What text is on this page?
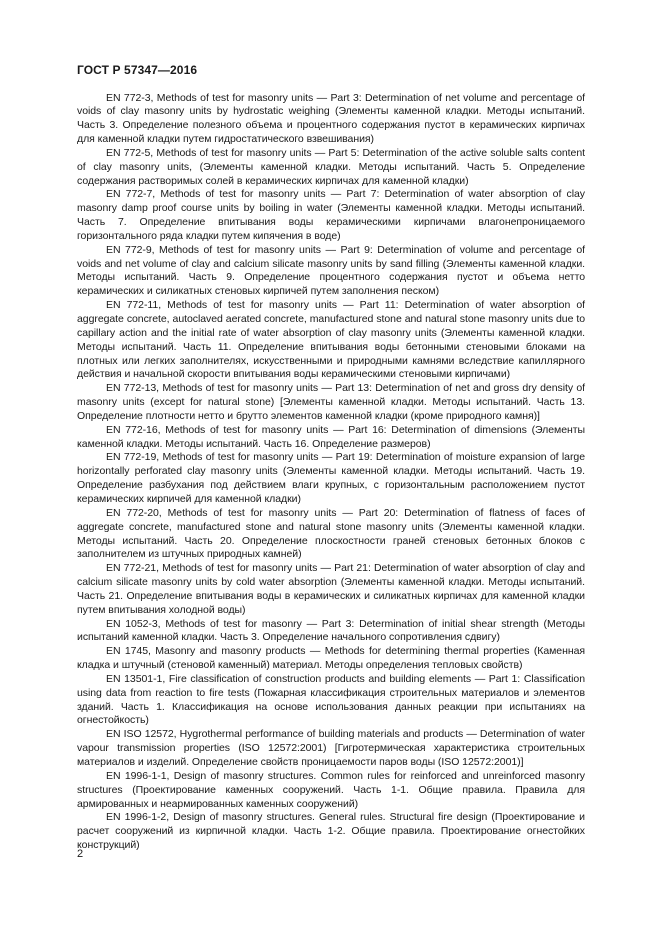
ГОСТ Р 57347—2016

EN 772-3, Methods of test for masonry units — Part 3: Determination of net volume and percentage of voids of clay masonry units by hydrostatic weighing (Элементы каменной кладки. Методы испытаний. Часть 3. Определение полезного объема и процентного содержания пустот в керамических кирпичах для каменной кладки путем гидростатического взвешивания)

EN 772-5, Methods of test for masonry units — Part 5: Determination of the active soluble salts content of clay masonry units, (Элементы каменной кладки. Методы испытаний. Часть 5. Определение содержания растворимых солей в керамических кирпичах для каменной кладки)

EN 772-7, Methods of test for masonry units — Part 7: Determination of water absorption of clay masonry damp proof course units by boiling in water (Элементы каменной кладки. Методы испытаний. Часть 7. Определение впитывания воды керамическими кирпичами влагонепроницаемого горизонтального ряда кладки путем кипячения в воде)

EN 772-9, Methods of test for masonry units — Part 9: Determination of volume and percentage of voids and net volume of clay and calcium silicate masonry units by sand filling (Элементы каменной кладки. Методы испытаний. Часть 9. Определение процентного содержания пустот и объема нетто керамических и силикатных стеновых кирпичей путем заполнения песком)

EN 772-11, Methods of test for masonry units — Part 11: Determination of water absorption of aggregate concrete, autoclaved aerated concrete, manufactured stone and natural stone masonry units due to capillary action and the initial rate of water absorption of clay masonry units (Элементы каменной кладки. Методы испытаний. Часть 11. Определение впитывания воды бетонными стеновыми блоками на плотных или легких заполнителях, искусственными и природными камнями вследствие капиллярного действия и начальной скорости впитывания воды керамическими стеновыми кирпичами)

EN 772-13, Methods of test for masonry units — Part 13: Determination of net and gross dry density of masonry units (except for natural stone) [Элементы каменной кладки. Методы испытаний. Часть 13. Определение плотности нетто и брутто элементов каменной кладки (кроме природного камня)]

EN 772-16, Methods of test for masonry units — Part 16: Determination of dimensions (Элементы каменной кладки. Методы испытаний. Часть 16. Определение размеров)

EN 772-19, Methods of test for masonry units — Part 19: Determination of moisture expansion of large horizontally perforated clay masonry units (Элементы каменной кладки. Методы испытаний. Часть 19. Определение разбухания под действием влаги крупных, с горизонтальным расположением пустот керамических кирпичей для каменной кладки)

EN 772-20, Methods of test for masonry units — Part 20: Determination of flatness of faces of aggregate concrete, manufactured stone and natural stone masonry units (Элементы каменной кладки. Методы испытаний. Часть 20. Определение плоскостности граней стеновых бетонных блоков с заполнителем из штучных природных камней)

EN 772-21, Methods of test for masonry units — Part 21: Determination of water absorption of clay and calcium silicate masonry units by cold water absorption (Элементы каменной кладки. Методы испытаний. Часть 21. Определение впитывания воды в керамических и силикатных кирпичах для каменной кладки путем впитывания холодной воды)

EN 1052-3, Methods of test for masonry — Part 3: Determination of initial shear strength (Методы испытаний каменной кладки. Часть 3. Определение начального сопротивления сдвигу)

EN 1745, Masonry and masonry products — Methods for determining thermal properties (Каменная кладка и штучный (стеновой каменный) материал. Методы определения тепловых свойств)

EN 13501-1, Fire classification of construction products and building elements — Part 1: Classification using data from reaction to fire tests (Пожарная классификация строительных материалов и элементов зданий. Часть 1. Классификация на основе использования данных реакции при испытаниях на огнестойкость)

EN ISO 12572, Hygrothermal performance of building materials and products — Determination of water vapour transmission properties (ISO 12572:2001) [Гигротермическая характеристика строительных материалов и изделий. Определение свойств проницаемости паров воды (ISO 12572:2001)]

EN 1996-1-1, Design of masonry structures. Common rules for reinforced and unreinforced masonry structures (Проектирование каменных сооружений. Часть 1-1. Общие правила. Правила для армированных и неармированных каменных сооружений)

EN 1996-1-2, Design of masonry structures. General rules. Structural fire design (Проектирование и расчет сооружений из кирпичной кладки. Часть 1-2. Общие правила. Проектирование огнестойких конструкций)

2
